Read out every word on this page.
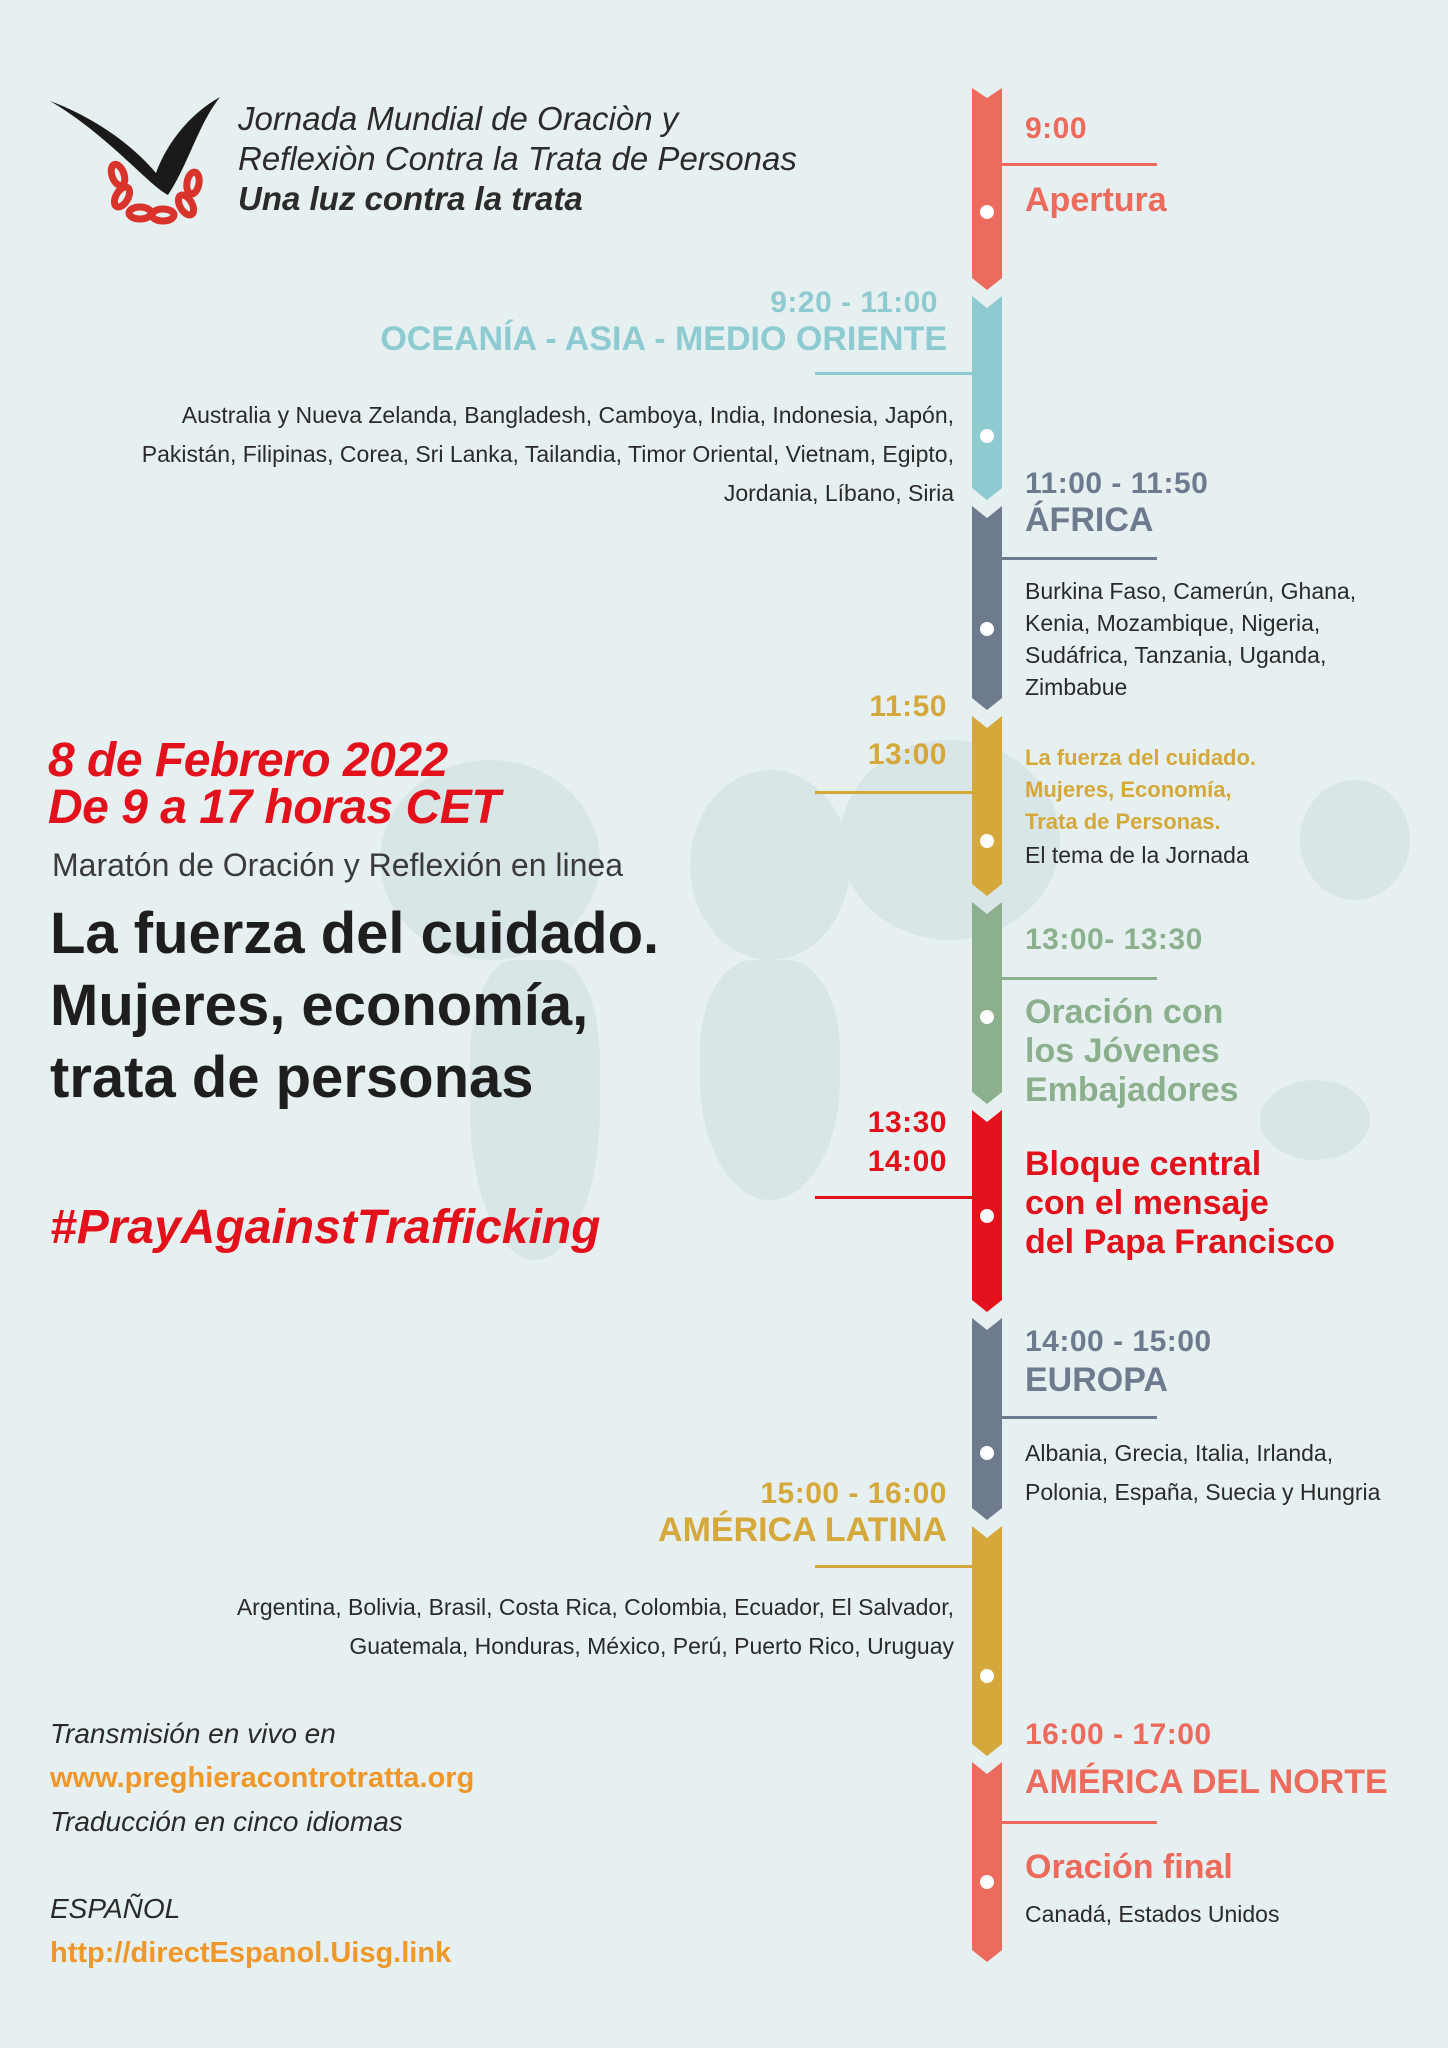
Jornada Mundial de Oraciòn y
Reflexiòn Contra la Trata de Personas
Una luz contra la trata
8 de Febrero 2022
De 9 a 17 horas CET
Maratón de Oración y Reflexión en linea
La fuerza del cuidado.
Mujeres, economía,
trata de personas
#PrayAgainstTrafficking
Transmisión en vivo en
www.preghieracontrotratta.org
Traducción en cinco idiomas
ESPAÑOL
http://directEspanol.Uisg.link
9:00
Apertura
9:20 - 11:00
OCEANÍA - ASIA - MEDIO ORIENTE
Australia y Nueva Zelanda, Bangladesh, Camboya, India, Indonesia, Japón,
Pakistán, Filipinas, Corea, Sri Lanka, Tailandia, Timor Oriental, Vietnam, Egipto,
Jordania, Líbano, Siria 11:00 - 11:50
ÁFRICA
Burkina Faso, Camerún, Ghana,
Kenia, Mozambique, Nigeria,
Sudáfrica, Tanzania, Uganda,
Zimbabue
11:50
13:00	La fuerza del cuidado.
Mujeres, Economía,
Trata de Personas.
El tema de la Jornada
13:00- 13:30
Oración con
los Jóvenes
Embajadores
13:30
14:00 Bloque central
con el mensaje
del Papa Francisco
14:00 - 15:00
EUROPA
Albania, Grecia, Italia, Irlanda,
Polonia, España, Suecia y Hungria
15:00 - 16:00
AMÉRICA LATINA
Argentina, Bolivia, Brasil, Costa Rica, Colombia, Ecuador, El Salvador,
Guatemala, Honduras, México, Perú, Puerto Rico, Uruguay
16:00 - 17:00
AMÉRICA DEL NORTE
Oración final
Canadá, Estados Unidos
